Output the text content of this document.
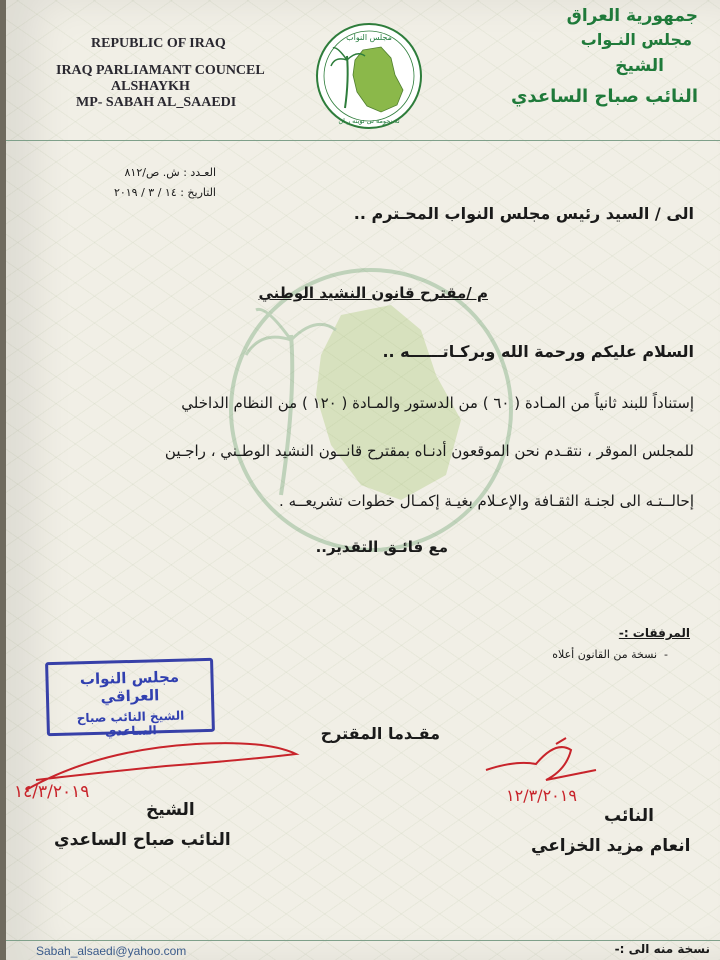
REPUBLIC OF IRAQ
IRAQ PARLIAMANT COUNCEL
ALSHAYKH
MP- SABAH AL_SAAEDI
مجلس النواب
ئه نجومه نى نوينه ر ان
جمهورية العراق
مجلس النـواب
الشيخ
النائب صباح الساعدي
العـدد : ش. ص/٨١٢
التاريخ : ١٤ / ٣ / ٢٠١٩
الى / السيد رئيس مجلس النواب المحـترم ..
م /مقترح قانون النشيد الوطني
السلام عليكم ورحمة الله وبركـاتــــــه ..
إستناداً للبند ثانياً من المـادة ( ٦٠ ) من الدستور والمـادة ( ١٢٠ ) من النظام الداخلي
للمجلس الموقر ، نتقـدم نحن الموقعون أدنـاه بمقترح قانــون النشيد الوطـني ، راجـين
إحالــتـه الى لجنـة الثقـافة والإعـلام بغيـة إكمـال خطوات تشريعــه .
مع فائـق التقدير..
المرفقات :-
-  نسخة من القانون أعلاه
مجلس النواب العراقي
الشيخ النائب صباح الساعدي	مقـدما المقترح
١٤/٣/٢٠١٩
الشيخ
النائب صباح الساعدي
١٢/٣/٢٠١٩
النائب
انعام مزيد الخزاعي
Sabah_alsaedi@yahoo.com	نسخة منه الى :-
